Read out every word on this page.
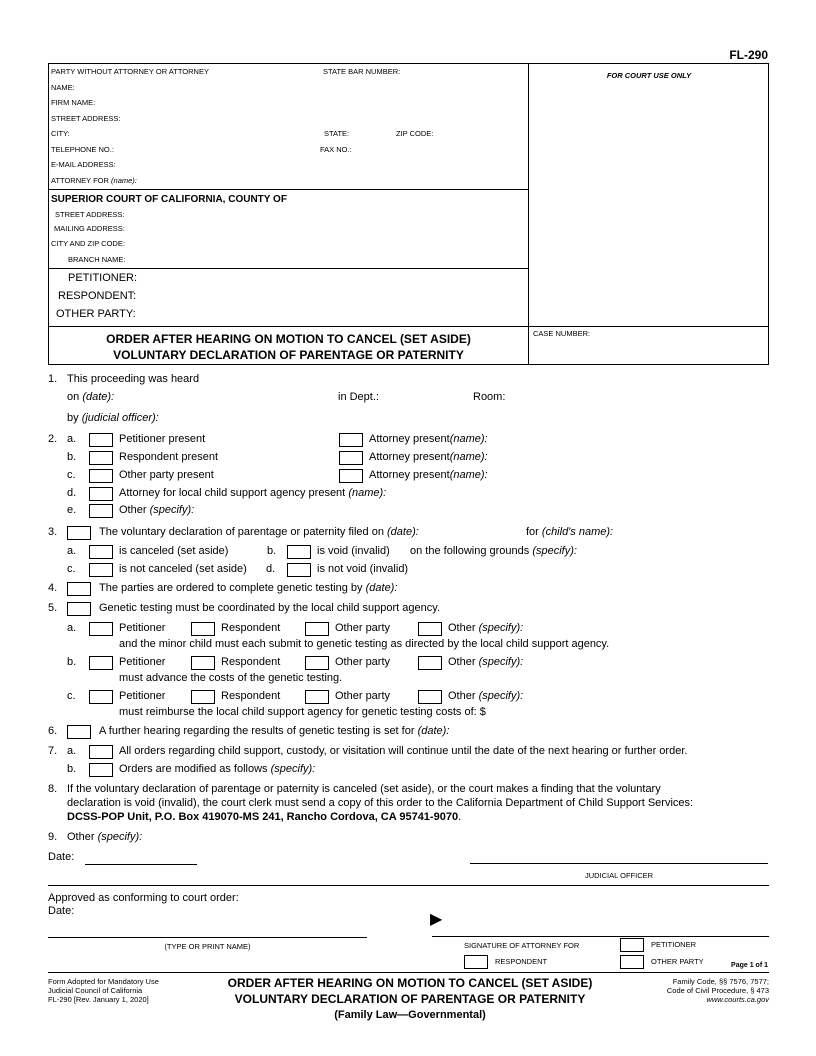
FL-290
PARTY WITHOUT ATTORNEY OR ATTORNEY	STATE BAR NUMBER:	FOR COURT USE ONLY
NAME:
FIRM NAME:
STREET ADDRESS:
CITY:	STATE:	ZIP CODE:
TELEPHONE NO.:	FAX NO.:
E-MAIL ADDRESS:
ATTORNEY FOR (name):
SUPERIOR COURT OF CALIFORNIA, COUNTY OF
STREET ADDRESS:
MAILING ADDRESS:
CITY AND ZIP CODE:
BRANCH NAME:
PETITIONER:
RESPONDENT:
OTHER PARTY:
ORDER AFTER HEARING ON MOTION TO CANCEL (SET ASIDE)
VOLUNTARY DECLARATION OF PARENTAGE OR PATERNITY
CASE NUMBER:
1. This proceeding was heard
on (date):	in Dept.:	Room:
by (judicial officer):
2. a.	Petitioner present	Attorney present(name):
b.	Respondent present	Attorney present(name):
c.	Other party present	Attorney present(name):
d.	Attorney for local child support agency present (name):
e.	Other (specify):
3.	The voluntary declaration of parentage or paternity filed on (date):	for (child's name):
a.	is canceled (set aside)	b.	is void (invalid) on the following grounds (specify):
c.	is not canceled (set aside) d.	is not void (invalid)
4.	The parties are ordered to complete genetic testing by (date):
5.	Genetic testing must be coordinated by the local child support agency.
a.	Petitioner	Respondent	Other party	Other (specify):
and the minor child must each submit to genetic testing as directed by the local child support agency.
b.	Petitioner	Respondent	Other party	Other (specify):
must advance the costs of the genetic testing.
c.	Petitioner	Respondent	Other party	Other (specify):
must reimburse the local child support agency for genetic testing costs of: $
6.	A further hearing regarding the results of genetic testing is set for (date):
7. a.	All orders regarding child support, custody, or visitation will continue until the date of the next hearing or further order.
b.	Orders are modified as follows (specify):
8. If the voluntary declaration of parentage or paternity is canceled (set aside), or the court makes a finding that the voluntary
declaration is void (invalid), the court clerk must send a copy of this order to the California Department of Child Support Services:
DCSS-POP Unit, P.O. Box 419070-MS 241, Rancho Cordova, CA 95741-9070.
9. Other (specify):
Date:
JUDICIAL OFFICER
Approved as conforming to court order:
Date:	▶
(TYPE OR PRINT NAME)	SIGNATURE OF ATTORNEY FOR	PETITIONER
RESPONDENT	OTHER PARTY	Page 1 of 1
Form Adopted for Mandatory Use
Judicial Council of California
FL-290 [Rev. January 1, 2020]
ORDER AFTER HEARING ON MOTION TO CANCEL (SET ASIDE)
VOLUNTARY DECLARATION OF PARENTAGE OR PATERNITY
(Family Law—Governmental)
Family Code, §§ 7576, 7577;
Code of Civil Procedure, § 473
www.courts.ca.gov
